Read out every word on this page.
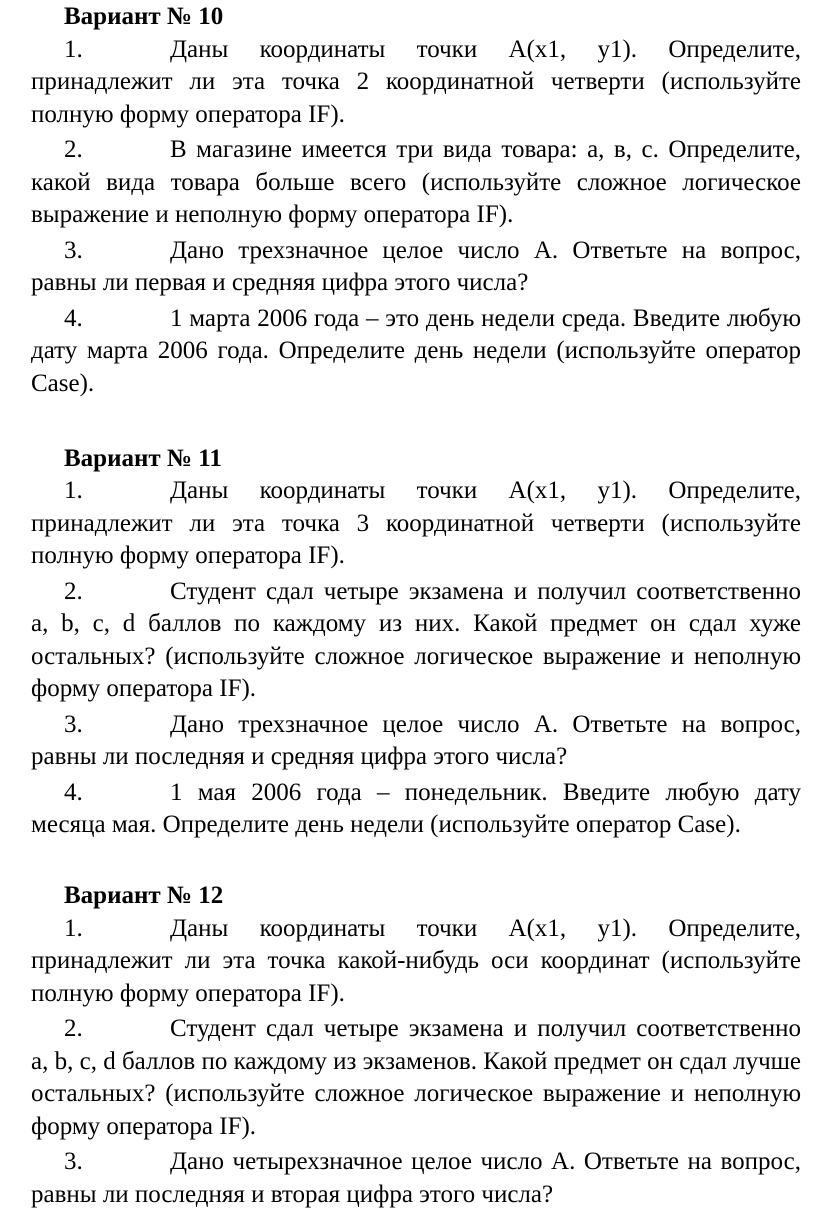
Вариант № 10

1.	Даны координаты точки A(x1, y1). Определите, принадлежит ли эта точка 2 координатной четверти (используйте полную форму оператора IF).

2.	В магазине имеется три вида товара: а, в, с. Определите, какой вида товара больше всего (используйте сложное логическое выражение и неполную форму оператора IF).

3.	Дано трехзначное целое число А. Ответьте на вопрос, равны ли первая и средняя цифра этого числа?

4.	1 марта 2006 года – это день недели среда. Введите любую дату марта 2006 года. Определите день недели (используйте оператор Case).

Вариант № 11

1.	Даны координаты точки A(x1, y1). Определите, принадлежит ли эта точка 3 координатной четверти (используйте полную форму оператора IF).

2.	Студент сдал четыре экзамена и получил соответственно a, b, c, d баллов по каждому из них. Какой предмет он сдал хуже остальных? (используйте сложное логическое выражение и неполную форму оператора IF).

3.	Дано трехзначное целое число А. Ответьте на вопрос, равны ли последняя и средняя цифра этого числа?

4.	1 мая 2006 года – понедельник. Введите любую дату месяца мая. Определите день недели (используйте оператор Case).

Вариант № 12

1.	Даны координаты точки A(x1, y1). Определите, принадлежит ли эта точка какой-нибудь оси координат (используйте полную форму оператора IF).

2.	Студент сдал четыре экзамена и получил соответственно a, b, c, d баллов по каждому из экзаменов. Какой предмет он сдал лучше остальных? (используйте сложное логическое выражение и неполную форму оператора IF).

3.	Дано четырехзначное целое число А. Ответьте на вопрос, равны ли последняя и вторая цифра этого числа?
